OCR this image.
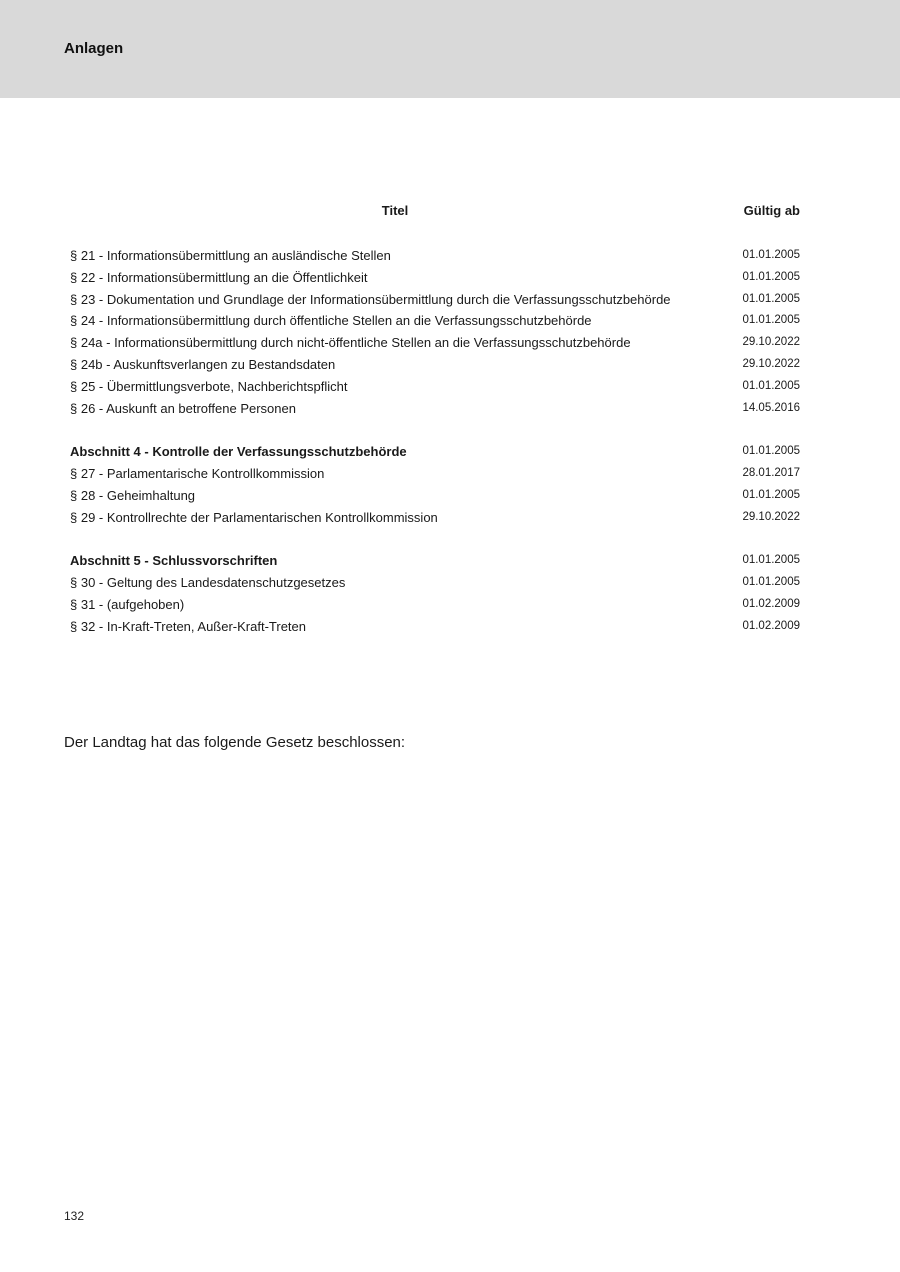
Anlagen
Titel	Gültig ab
§ 21 - Informationsübermittlung an ausländische Stellen	01.01.2005
§ 22 - Informationsübermittlung an die Öffentlichkeit	01.01.2005
§ 23 - Dokumentation und Grundlage der Informationsübermittlung durch die Verfassungsschutzbehörde	01.01.2005
§ 24 - Informationsübermittlung durch öffentliche Stellen an die Verfassungsschutzbehörde	01.01.2005
§ 24a - Informationsübermittlung durch nicht-öffentliche Stellen an die Verfassungsschutzbehörde	29.10.2022
§ 24b - Auskunftsverlangen zu Bestandsdaten	29.10.2022
§ 25 - Übermittlungsverbote, Nachberichtspflicht	01.01.2005
§ 26 - Auskunft an betroffene Personen	14.05.2016
Abschnitt 4 - Kontrolle der Verfassungsschutzbehörde	01.01.2005
§ 27 - Parlamentarische Kontrollkommission	28.01.2017
§ 28 - Geheimhaltung	01.01.2005
§ 29 - Kontrollrechte der Parlamentarischen Kontrollkommission	29.10.2022
Abschnitt 5 - Schlussvorschriften	01.01.2005
§ 30 - Geltung des Landesdatenschutzgesetzes	01.01.2005
§ 31 - (aufgehoben)	01.02.2009
§ 32 - In-Kraft-Treten, Außer-Kraft-Treten	01.02.2009
Der Landtag hat das folgende Gesetz beschlossen:
132
